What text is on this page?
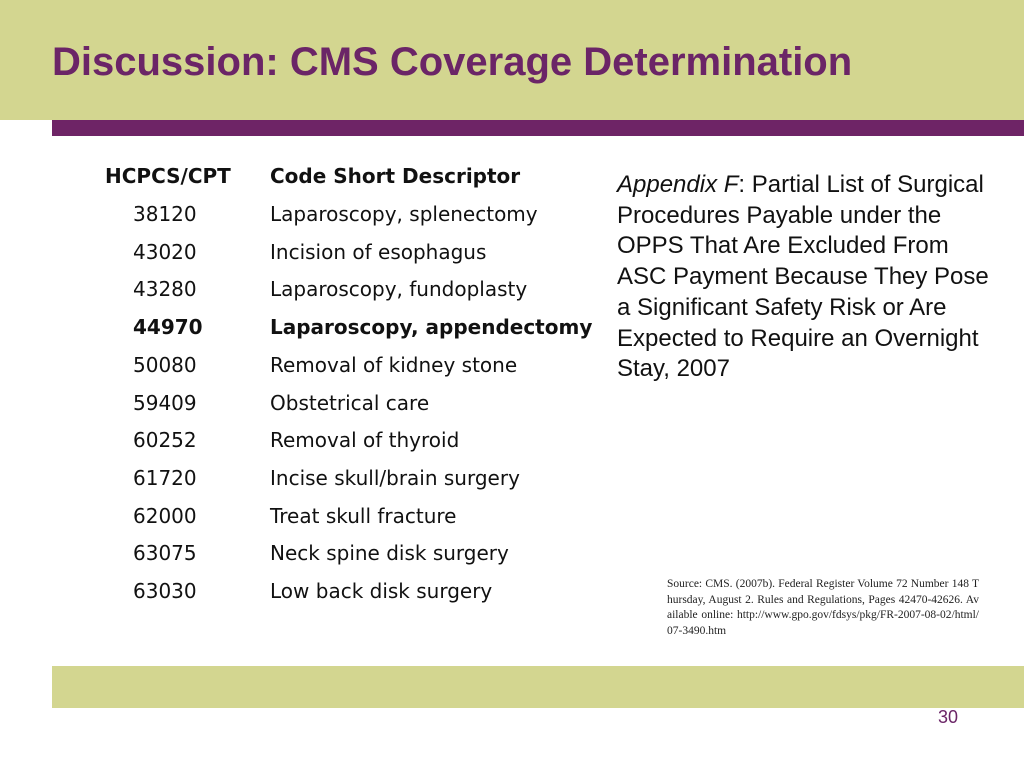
Discussion: CMS Coverage Determination
HCPCS/CPT Code Short Descriptor
38120	Laparoscopy, splenectomy
43020	Incision of esophagus
43280	Laparoscopy, fundoplasty
44970	Laparoscopy, appendectomy
50080	Removal of kidney stone
59409	Obstetrical care
60252	Removal of thyroid
61720	Incise skull/brain surgery
62000	Treat skull fracture
63075	Neck spine disk surgery
63030	Low back disk surgery
Appendix F: Partial List of Surgical Procedures Payable under the OPPS That Are Excluded From ASC Payment Because They Pose a Significant Safety Risk or Are Expected to Require an Overnight Stay, 2007
Source: CMS. (2007b). Federal Register Volume 72 Number 148 Thursday, August 2. Rules and Regulations, Pages 42470-42626. Available online: http://www.gpo.gov/fdsys/pkg/FR-2007-08-02/html/07-3490.htm
30
